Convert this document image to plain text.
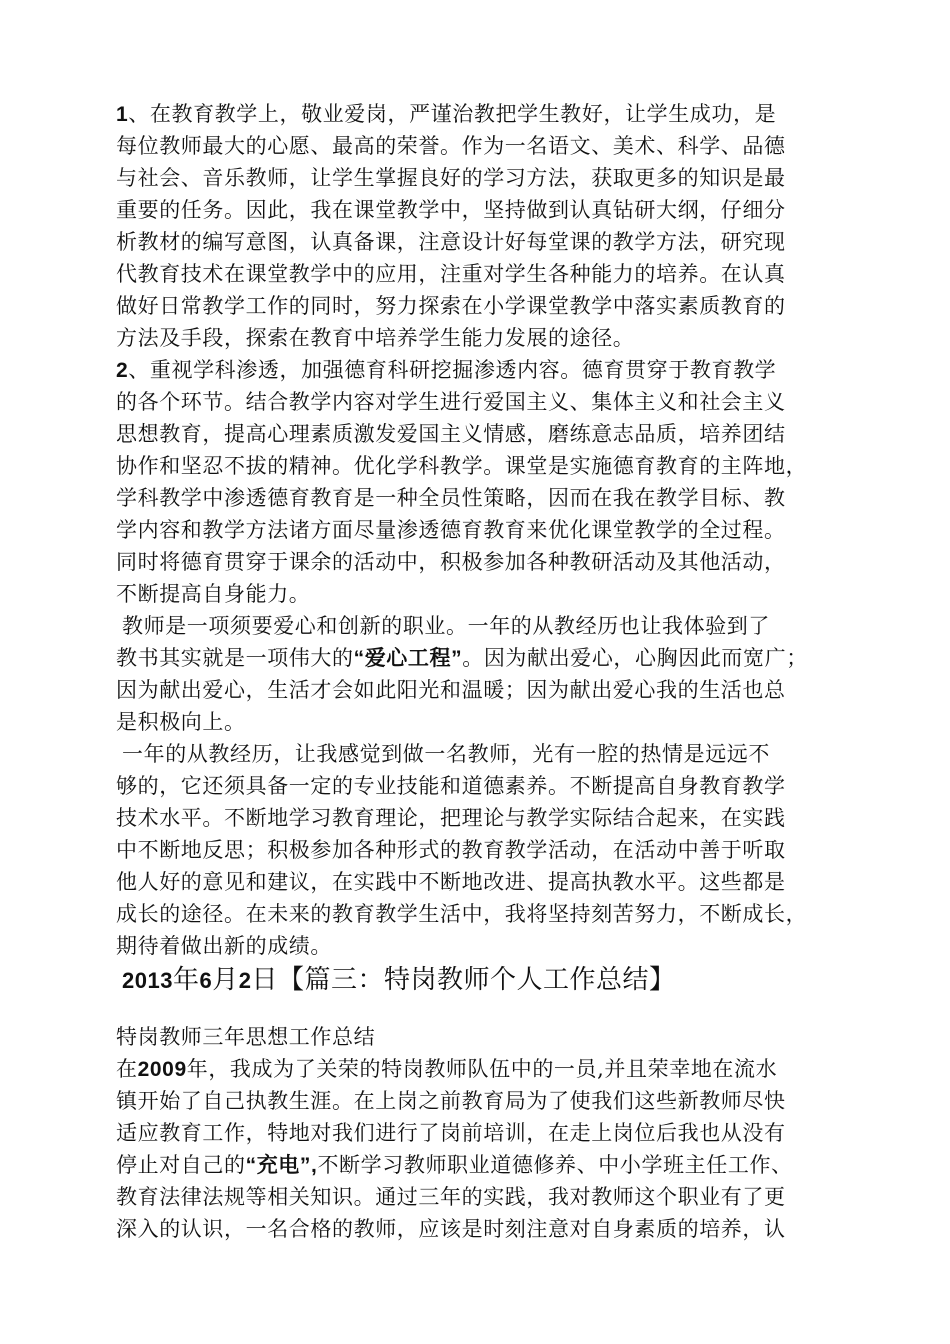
1、在教育教学上，敬业爱岗，严谨治教把学生教好，让学生成功，是
每位教师最大的心愿、最高的荣誉。作为一名语文、美术、科学、品德
与社会、音乐教师，让学生掌握良好的学习方法，获取更多的知识是最
重要的任务。因此，我在课堂教学中，坚持做到认真钻研大纲，仔细分
析教材的编写意图，认真备课，注意设计好每堂课的教学方法，研究现
代教育技术在课堂教学中的应用，注重对学生各种能力的培养。在认真
做好日常教学工作的同时，努力探索在小学课堂教学中落实素质教育的
方法及手段，探索在教育中培养学生能力发展的途径。
2、重视学科渗透，加强德育科研挖掘渗透内容。德育贯穿于教育教学
的各个环节。结合教学内容对学生进行爱国主义、集体主义和社会主义
思想教育，提高心理素质激发爱国主义情感，磨练意志品质，培养团结
协作和坚忍不拔的精神。优化学科教学。课堂是实施德育教育的主阵地，
学科教学中渗透德育教育是一种全员性策略，因而在我在教学目标、教
学内容和教学方法诸方面尽量渗透德育教育来优化课堂教学的全过程。
同时将德育贯穿于课余的活动中，积极参加各种教研活动及其他活动，
不断提高自身能力。
教师是一项须要爱心和创新的职业。一年的从教经历也让我体验到了
教书其实就是一项伟大的“爱心工程”。因为献出爱心，心胸因此而宽广；
因为献出爱心，生活才会如此阳光和温暖；因为献出爱心我的生活也总
是积极向上。
一年的从教经历，让我感觉到做一名教师，光有一腔的热情是远远不
够的，它还须具备一定的专业技能和道德素养。不断提高自身教育教学
技术水平。不断地学习教育理论，把理论与教学实际结合起来，在实践
中不断地反思；积极参加各种形式的教育教学活动，在活动中善于听取
他人好的意见和建议，在实践中不断地改进、提高执教水平。这些都是
成长的途径。在未来的教育教学生活中，我将坚持刻苦努力，不断成长，
期待着做出新的成绩。
2013年6月2日【篇三：特岗教师个人工作总结】
特岗教师三年思想工作总结
在2009年，我成为了关荣的特岗教师队伍中的一员,并且荣幸地在流水
镇开始了自己执教生涯。在上岗之前教育局为了使我们这些新教师尽快
适应教育工作，特地对我们进行了岗前培训，在走上岗位后我也从没有
停止对自己的“充电”,不断学习教师职业道德修养、中小学班主任工作、
教育法律法规等相关知识。通过三年的实践，我对教师这个职业有了更
深入的认识，一名合格的教师，应该是时刻注意对自身素质的培养，认
